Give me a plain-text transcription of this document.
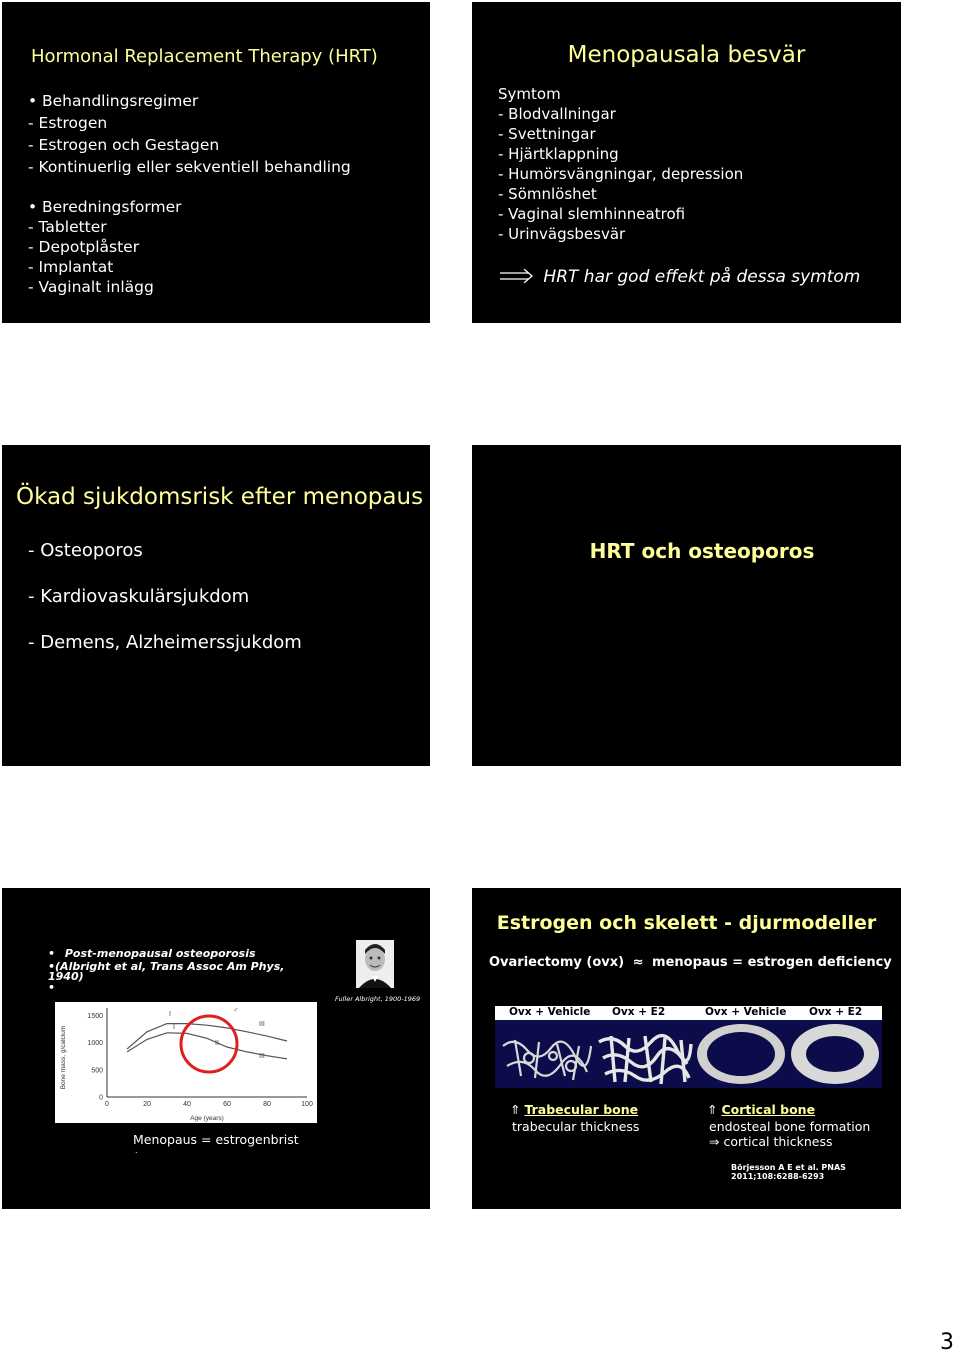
Hormonal Replacement Therapy (HRT)
• Behandlingsregimer
- Estrogen
- Estrogen och Gestagen
- Kontinuerlig eller sekventiell behandling
• Beredningsformer
- Tabletter
- Depotplåster
- Implantat
- Vaginalt inlägg
Menopausala besvär
Symtom
- Blodvallningar
- Svettningar
- Hjärtklappning
- Humörsvängningar, depression
- Sömnlöshet
- Vaginal slemhinneatrofi
- Urinvägsbesvär
HRT har god effekt på dessa symtom
Ökad sjukdomsrisk efter menopaus
- Osteoporos
- Kardiovaskulärsjukdom
- Demens, Alzheimerssjukdom
HRT och osteoporos
• Post-menopausal osteoporosis
•(Albright et al, Trans Assoc Am Phys,
1940)
•
Fuller Albright, 1900-1969
0	20	40	60	80	100
0
500
1000
1500
Age (years)
Bone mass, g/calcium
I
I
II
III
III
♂
Menopaus = estrogenbrist
.
Estrogen och skelett - djurmodeller
Ovariectomy (ovx) ≈ menopaus = estrogen deficiency
Ovx + Vehicle Ovx + E2	Ovx + Vehicle Ovx + E2
⇑ Trabecular bone
trabecular thickness
⇑ Cortical bone
endosteal bone formation
⇒ cortical thickness
Börjesson A E et al. PNAS
2011;108:6288-6293
3
